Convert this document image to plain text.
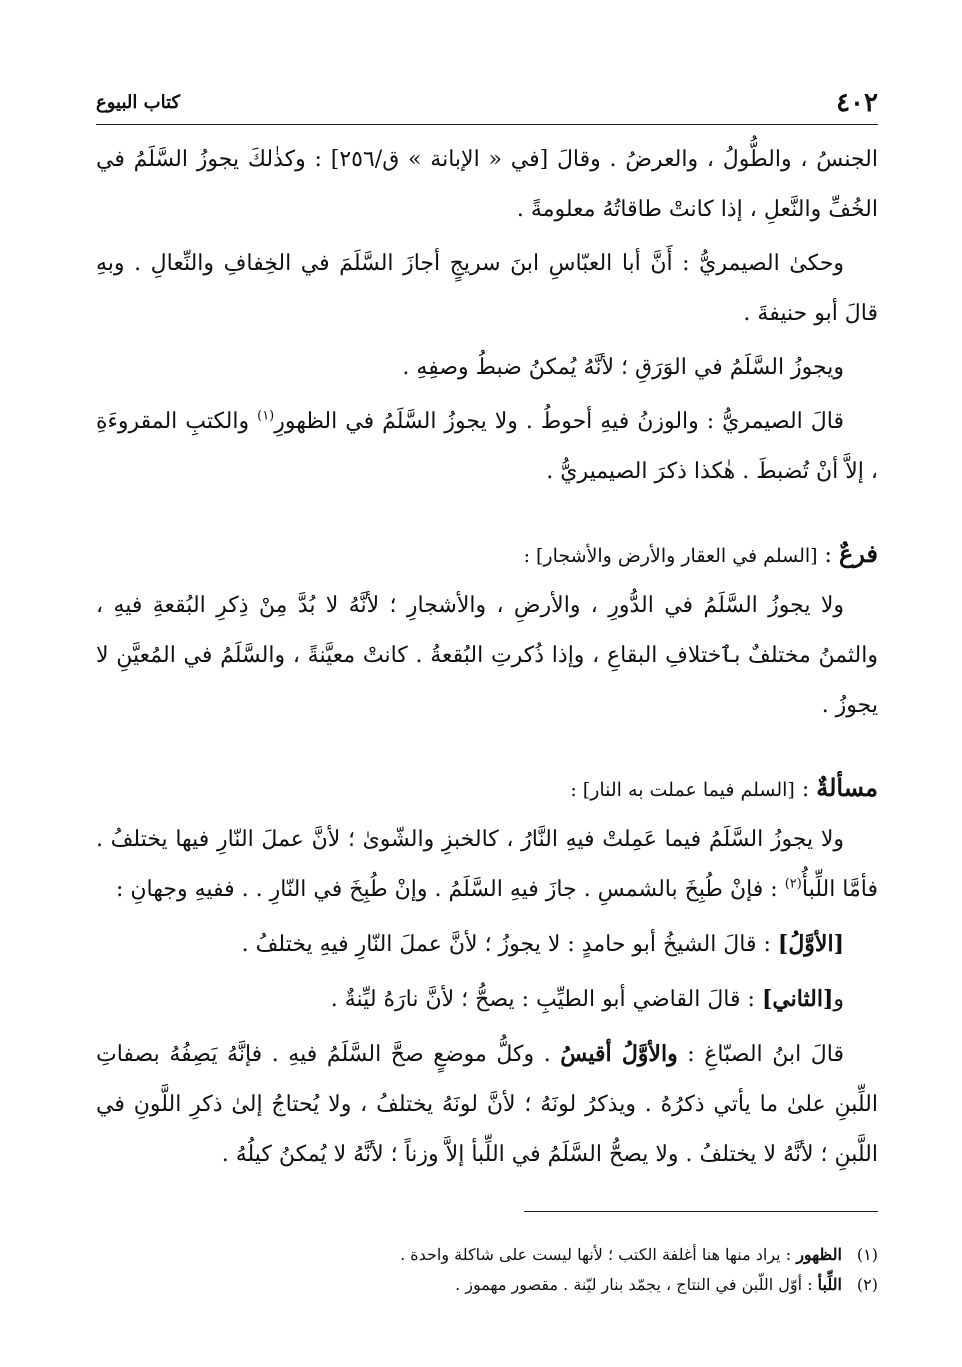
٤٠٢
كتاب البيوع

الجنسُ ، والطُّولُ ، والعرضُ . وقالَ [في « الإبانة » ق/٢٥٦] : وكذٰلكَ يجوزُ السَّلَمُ في الخُفِّ والنَّعلِ ، إذا كانتْ طاقاتُهُ معلومةً .

وحكىٰ الصيمريُّ : أَنَّ أبا العبّاسِ ابنَ سريجٍ أجازَ السَّلَمَ في الخِفافِ والنِّعالِ . وبهِ قالَ أبو حنيفةَ .

ويجوزُ السَّلَمُ في الوَرَقِ ؛ لأنَّهُ يُمكنُ ضبطُ وصفِهِ .

قالَ الصيمريُّ : والوزنُ فيهِ أحوطُ . ولا يجوزُ السَّلَمُ في الظهورِ$^{(١)}$ والكتبِ المقروءَةِ ، إلاَّ أنْ تُضبطَ . هٰكذا ذكرَ الصيميريُّ .

فرعٌ : [السلم في العقار والأرض والأشجار] :

ولا يجوزُ السَّلَمُ في الدُّورِ ، والأرضِ ، والأشجارِ ؛ لأنَّهُ لا بُدَّ مِنْ ذِكرِ البُقعةِ فيهِ ، والثمنُ مختلفٌ بٱختلافِ البقاعِ ، وإذا ذُكرتِ البُقعةُ . كانتْ معيَّنةً ، والسَّلَمُ في المُعيَّنِ لا يجوزُ .

مسألةٌ : [السلم فيما عملت به النار] :

ولا يجوزُ السَّلَمُ فيما عَمِلتْ فيهِ النَّارُ ، كالخبزِ والشّوىٰ ؛ لأنَّ عملَ النّارِ فيها يختلفُ . فأمَّا اللِّبأُ$^{(٢)}$ : فإنْ طُبِخَ بالشمسِ . جازَ فيهِ السَّلَمُ . وإنْ طُبِخَ في النّارِ . . ففيهِ وجهانِ :

[الأوَّلُ] : قالَ الشيخُ أبو حامدٍ : لا يجوزُ ؛ لأنَّ عملَ النّارِ فيهِ يختلفُ .

و[الثاني] : قالَ القاضي أبو الطيِّبِ : يصحُّ ؛ لأنَّ نارَهُ ليِّنةٌ .

قالَ ابنُ الصبّاغِ : والأوَّلُ أقيسُ . وكلُّ موضعٍ صحَّ السَّلَمُ فيهِ . فإنَّهُ يَصِفُهُ بصفاتِ اللِّبنِ علىٰ ما يأتي ذكرُهُ . ويذكرُ لونَهُ ؛ لأنَّ لونَهُ يختلفُ ، ولا يُحتاجُ إلىٰ ذكرِ اللَّونِ في اللَّبنِ ؛ لأنَّهُ لا يختلفُ . ولا يصحُّ السَّلَمُ في اللِّبأ إلاَّ وزناً ؛ لأنَّهُ لا يُمكنُ كيلُهُ .

(١)الظهور : يراد منها هنا أغلفة الكتب ؛ لأنها ليست على شاكلة واحدة .

(٢)اللِّبأ : أوّل اللّبن في النتاج ، يجمّد بنار ليّنة . مقصور مهموز .
